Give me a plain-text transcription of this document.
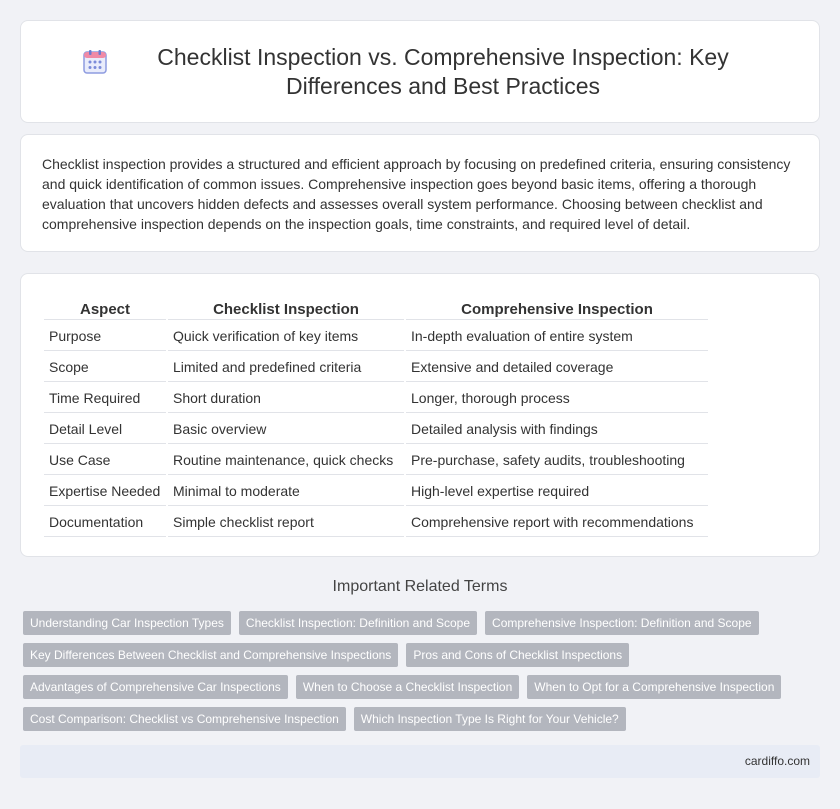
Checklist Inspection vs. Comprehensive Inspection: Key Differences and Best Practices

Checklist inspection provides a structured and efficient approach by focusing on predefined criteria, ensuring consistency and quick identification of common issues. Comprehensive inspection goes beyond basic items, offering a thorough evaluation that uncovers hidden defects and assesses overall system performance. Choosing between checklist and comprehensive inspection depends on the inspection goals, time constraints, and required level of detail.

Aspect	Checklist Inspection	Comprehensive Inspection
Purpose	Quick verification of key items	In-depth evaluation of entire system
Scope	Limited and predefined criteria	Extensive and detailed coverage
Time Required	Short duration	Longer, thorough process
Detail Level	Basic overview	Detailed analysis with findings
Use Case	Routine maintenance, quick checks	Pre-purchase, safety audits, troubleshooting
Expertise Needed	Minimal to moderate	High-level expertise required
Documentation	Simple checklist report	Comprehensive report with recommendations
Important Related Terms
Understanding Car Inspection Types	Checklist Inspection: Definition and Scope	Comprehensive Inspection: Definition and Scope
Key Differences Between Checklist and Comprehensive Inspections	Pros and Cons of Checklist Inspections
Advantages of Comprehensive Car Inspections	When to Choose a Checklist Inspection	When to Opt for a Comprehensive Inspection
Cost Comparison: Checklist vs Comprehensive Inspection	Which Inspection Type Is Right for Your Vehicle?
cardiffo.com
